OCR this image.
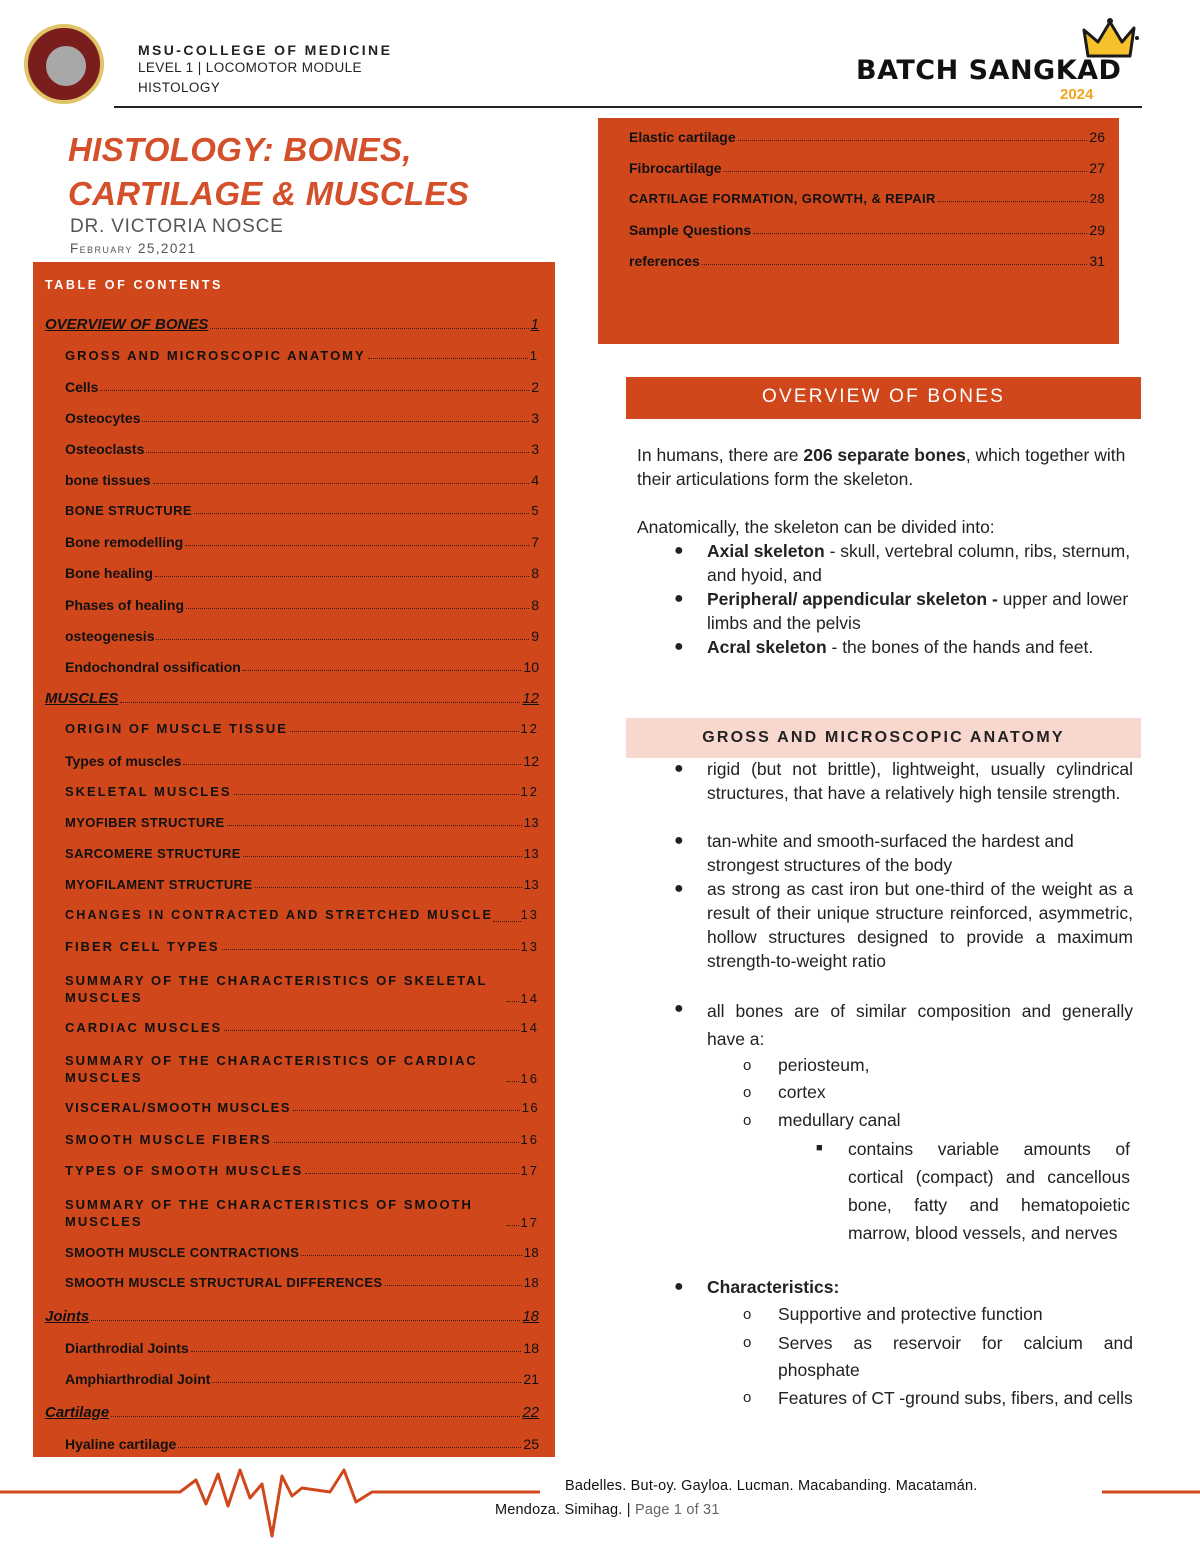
MSU-COLLEGE OF MEDICINE
LEVEL 1 | LOCOMOTOR MODULE
HISTOLOGY
BATCH SANGKAD
2024
HISTOLOGY: BONES,
CARTILAGE & MUSCLES
DR. VICTORIA NOSCE
February 25,2021
TABLE OF CONTENTS
OVERVIEW OF BONES	1
GROSS AND MICROSCOPIC ANATOMY	1
Cells	2
Osteocytes	3
Osteoclasts	3
bone tissues	4
BONE STRUCTURE	5
Bone remodelling	7
Bone healing	8
Phases of healing	8
osteogenesis	9
Endochondral ossification	10
MUSCLES	12
ORIGIN OF MUSCLE TISSUE	12
Types of muscles	12
SKELETAL MUSCLES	12
MYOFIBER STRUCTURE	13
SARCOMERE STRUCTURE	13
MYOFILAMENT STRUCTURE	13
CHANGES IN CONTRACTED AND STRETCHED MUSCLE 13
FIBER CELL TYPES	13
SUMMARY OF THE CHARACTERISTICS OF SKELETAL MUSCLES	14
CARDIAC MUSCLES	14
SUMMARY OF THE CHARACTERISTICS OF CARDIAC MUSCLES	16
VISCERAL/SMOOTH MUSCLES	16
SMOOTH MUSCLE FIBERS	16
TYPES OF SMOOTH MUSCLES	17
SUMMARY OF THE CHARACTERISTICS OF SMOOTH MUSCLES	17
SMOOTH MUSCLE CONTRACTIONS	18
SMOOTH MUSCLE STRUCTURAL DIFFERENCES	18
Joints	18
Diarthrodial Joints	18
Amphiarthrodial Joint	21
Cartilage	22
Hyaline cartilage	25
Elastic cartilage	26
Fibrocartilage	27
CARTILAGE FORMATION, GROWTH, & REPAIR	28
Sample Questions	29
references	31
OVERVIEW OF BONES
In humans, there are 206 separate bones, which together with their articulations form the skeleton.
Anatomically, the skeleton can be divided into:
● Axial skeleton - skull, vertebral column, ribs, sternum, and hyoid, and
● Peripheral/ appendicular skeleton - upper and lower limbs and the pelvis
● Acral skeleton - the bones of the hands and feet.
GROSS AND MICROSCOPIC ANATOMY
● rigid (but not brittle), lightweight, usually cylindrical structures, that have a relatively high tensile strength.
● tan-white and smooth-surfaced the hardest and strongest structures of the body
● as strong as cast iron but one-third of the weight as a result of their unique structure reinforced, asymmetric, hollow structures designed to provide a maximum strength-to-weight ratio
● all bones are of similar composition and generally have a:
o periosteum,
o cortex
o medullary canal
■ contains variable amounts of cortical (compact) and cancellous bone, fatty and hematopoietic marrow, blood vessels, and nerves
● Characteristics:
o Supportive and protective function
o Serves as reservoir for calcium and phosphate
o Features of CT -ground subs, fibers, and cells
Badelles. But-oy. Gayloa. Lucman. Macabanding. Macatamán.
Mendoza. Simihag. | Page 1 of 31
